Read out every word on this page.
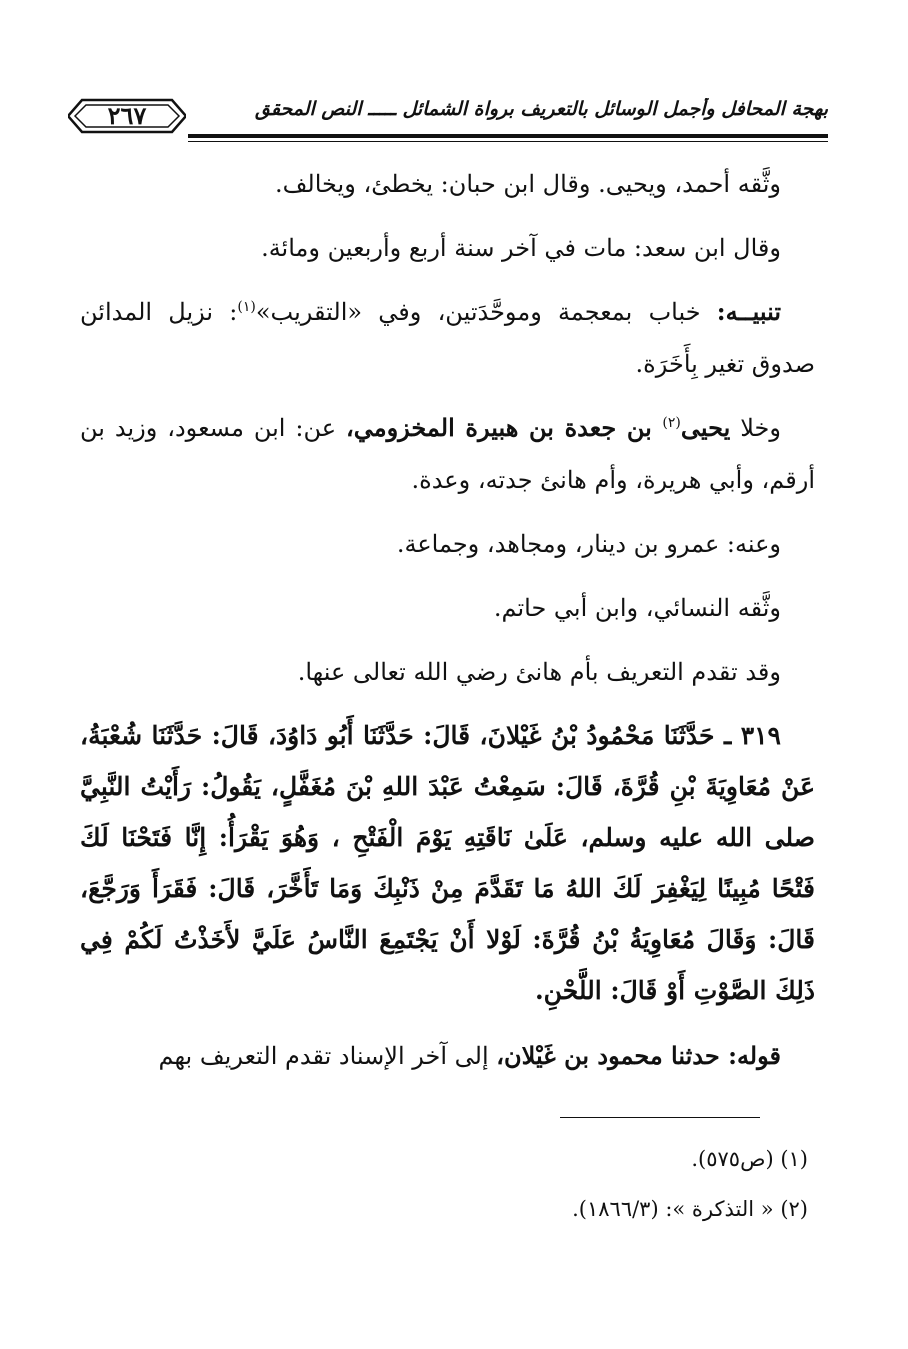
٢٦٧	بهجة المحافل وأجمل الوسائل بالتعريف برواة الشمائل ـــــ النص المحقق

وثَّقه أحمد، ويحيى. وقال ابن حبان: يخطئ، ويخالف.

وقال ابن سعد: مات في آخر سنة أربع وأربعين ومائة.

تنبيــه: خباب بمعجمة وموحَّدَتين، وفي «التقريب»$^{(١)}$: نزيل المدائن صدوق تغير بِأَخَرَة.

وخلا يحيى$^{(٢)}$ بن جعدة بن هبيرة المخزومي، عن: ابن مسعود، وزيد بن أرقم، وأبي هريرة، وأم هانئ جدته، وعدة.

وعنه: عمرو بن دينار، ومجاهد، وجماعة.

وثَّقه النسائي، وابن أبي حاتم.

وقد تقدم التعريف بأم هانئ رضي الله تعالى عنها.

٣١٩ ـ حَدَّثَنَا مَحْمُودُ بْنُ غَيْلانَ، قَالَ: حَدَّثَنَا أَبُو دَاوُدَ، قَالَ: حَدَّثَنَا شُعْبَةُ، عَنْ مُعَاوِيَةَ بْنِ قُرَّةَ، قَالَ: سَمِعْتُ عَبْدَ اللهِ بْنَ مُغَفَّلٍ، يَقُولُ: رَأَيْتُ النَّبِيَّ صلى الله عليه وسلم، عَلَىٰ نَاقَتِهِ يَوْمَ الْفَتْحِ ، وَهُوَ يَقْرَأُ: إِنَّا فَتَحْنَا لَكَ فَتْحًا مُبِينًا لِيَغْفِرَ لَكَ اللهُ مَا تَقَدَّمَ مِنْ ذَنْبِكَ وَمَا تَأَخَّرَ، قَالَ: فَقَرَأَ وَرَجَّعَ، قَالَ: وَقَالَ مُعَاوِيَةُ بْنُ قُرَّةَ: لَوْلا أَنْ يَجْتَمِعَ النَّاسُ عَلَيَّ لأَخَذْتُ لَكُمْ فِي ذَلِكَ الصَّوْتِ أَوْ قَالَ: اللَّحْنِ.

قوله: حدثنا محمود بن غَيْلان، إلى آخر الإسناد تقدم التعريف بهم

(١) (ص٥٧٥).

(٢) « التذكرة »: (١٨٦٦/٣).
